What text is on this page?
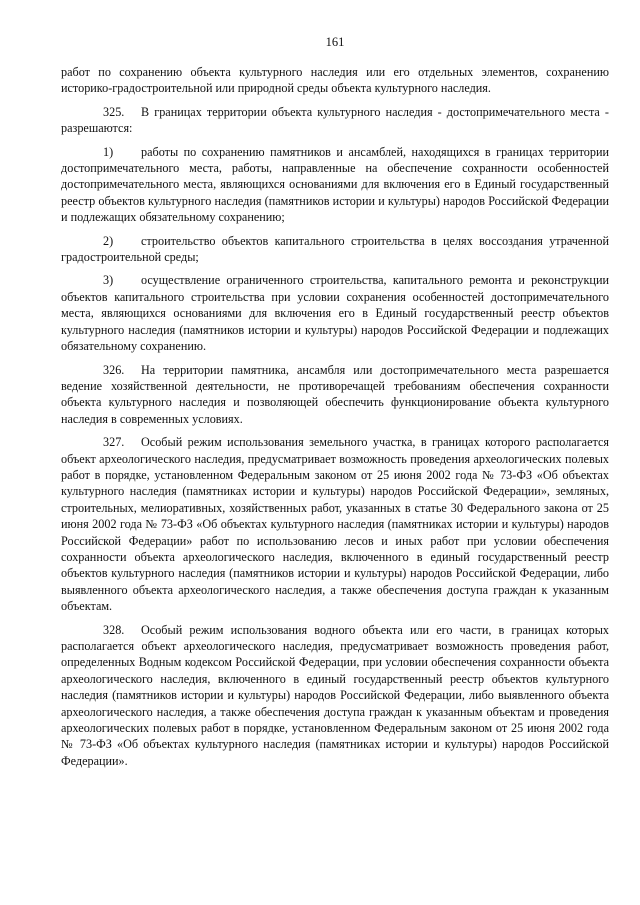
161

работ по сохранению объекта культурного наследия или его отдельных элементов, сохранению историко-градостроительной или природной среды объекта культурного наследия.

325. В границах территории объекта культурного наследия - достопримечательного места - разрешаются:

1) работы по сохранению памятников и ансамблей, находящихся в границах территории достопримечательного места, работы, направленные на обеспечение сохранности особенностей достопримечательного места, являющихся основаниями для включения его в Единый государственный реестр объектов культурного наследия (памятников истории и культуры) народов Российской Федерации и подлежащих обязательному сохранению;

2) строительство объектов капитального строительства в целях воссоздания утраченной градостроительной среды;

3) осуществление ограниченного строительства, капитального ремонта и реконструкции объектов капитального строительства при условии сохранения особенностей достопримечательного места, являющихся основаниями для включения его в Единый государственный реестр объектов культурного наследия (памятников истории и культуры) народов Российской Федерации и подлежащих обязательному сохранению.

326. На территории памятника, ансамбля или достопримечательного места разрешается ведение хозяйственной деятельности, не противоречащей требованиям обеспечения сохранности объекта культурного наследия и позволяющей обеспечить функционирование объекта культурного наследия в современных условиях.

327. Особый режим использования земельного участка, в границах которого располагается объект археологического наследия, предусматривает возможность проведения археологических полевых работ в порядке, установленном Федеральным законом от 25 июня 2002 года № 73-ФЗ «Об объектах культурного наследия (памятниках истории и культуры) народов Российской Федерации», земляных, строительных, мелиоративных, хозяйственных работ, указанных в статье 30 Федерального закона от 25 июня 2002 года № 73-ФЗ «Об объектах культурного наследия (памятниках истории и культуры) народов Российской Федерации» работ по использованию лесов и иных работ при условии обеспечения сохранности объекта археологического наследия, включенного в единый государственный реестр объектов культурного наследия (памятников истории и культуры) народов Российской Федерации, либо выявленного объекта археологического наследия, а также обеспечения доступа граждан к указанным объектам.

328. Особый режим использования водного объекта или его части, в границах которых располагается объект археологического наследия, предусматривает возможность проведения работ, определенных Водным кодексом Российской Федерации, при условии обеспечения сохранности объекта археологического наследия, включенного в единый государственный реестр объектов культурного наследия (памятников истории и культуры) народов Российской Федерации, либо выявленного объекта археологического наследия, а также обеспечения доступа граждан к указанным объектам и проведения археологических полевых работ в порядке, установленном Федеральным законом от 25 июня 2002 года № 73-ФЗ «Об объектах культурного наследия (памятниках истории и культуры) народов Российской Федерации».
